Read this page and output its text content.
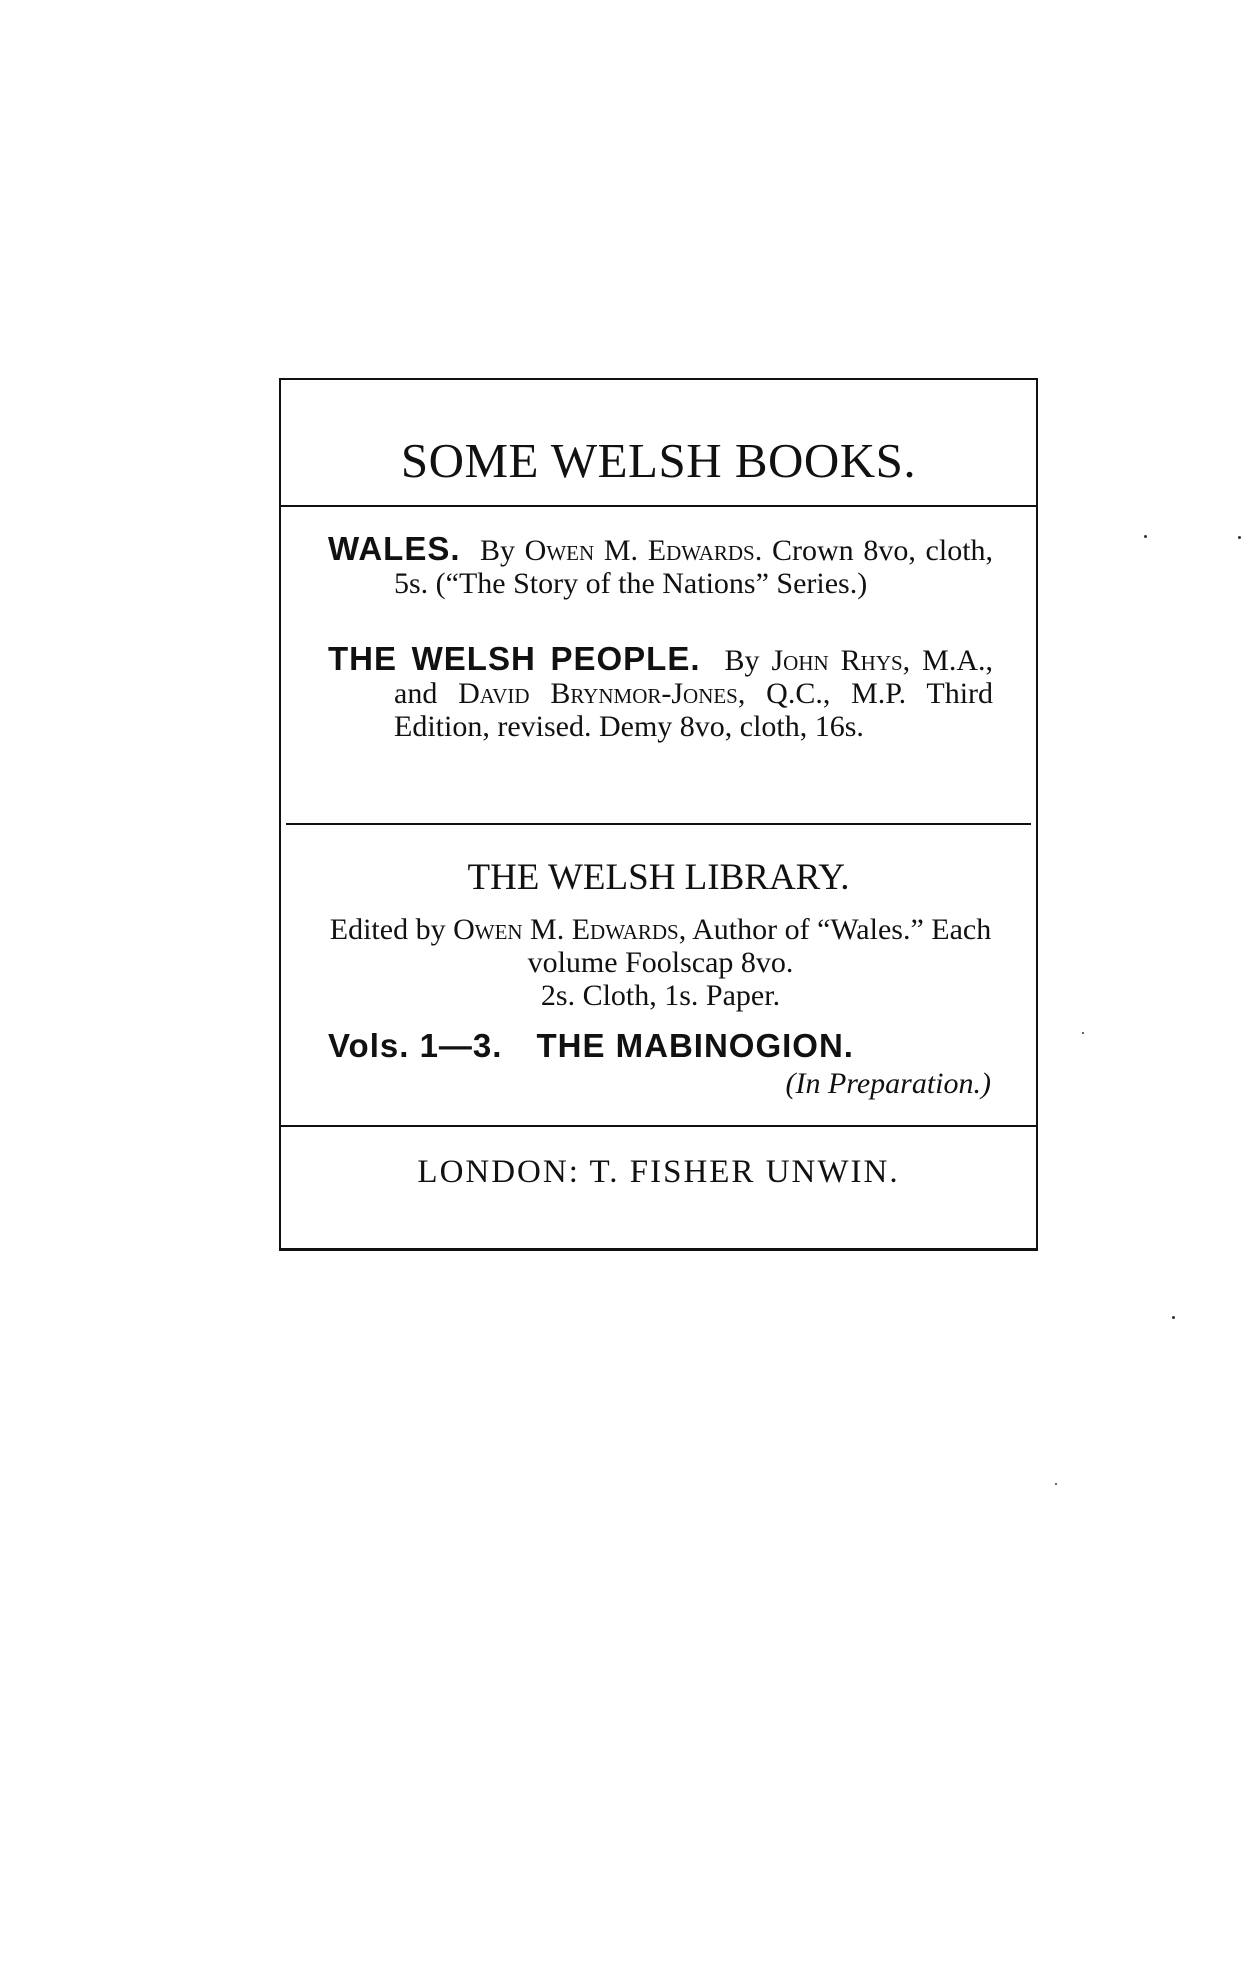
SOME WELSH BOOKS.

WALES. By Owen M. Edwards. Crown 8vo, cloth, 5s. (“The Story of the Nations” Series.)

THE WELSH PEOPLE. By John Rhys, M.A., and David Brynmor-Jones, Q.C., M.P. Third Edition, revised. Demy 8vo, cloth, 16s.

THE WELSH LIBRARY.
Edited by Owen M. Edwards, Author of “Wales.” Each volume Foolscap 8vo.
2s. Cloth, 1s. Paper.
Vols. 1—3. THE MABINOGION.
(In Preparation.)
LONDON: T. FISHER UNWIN.
